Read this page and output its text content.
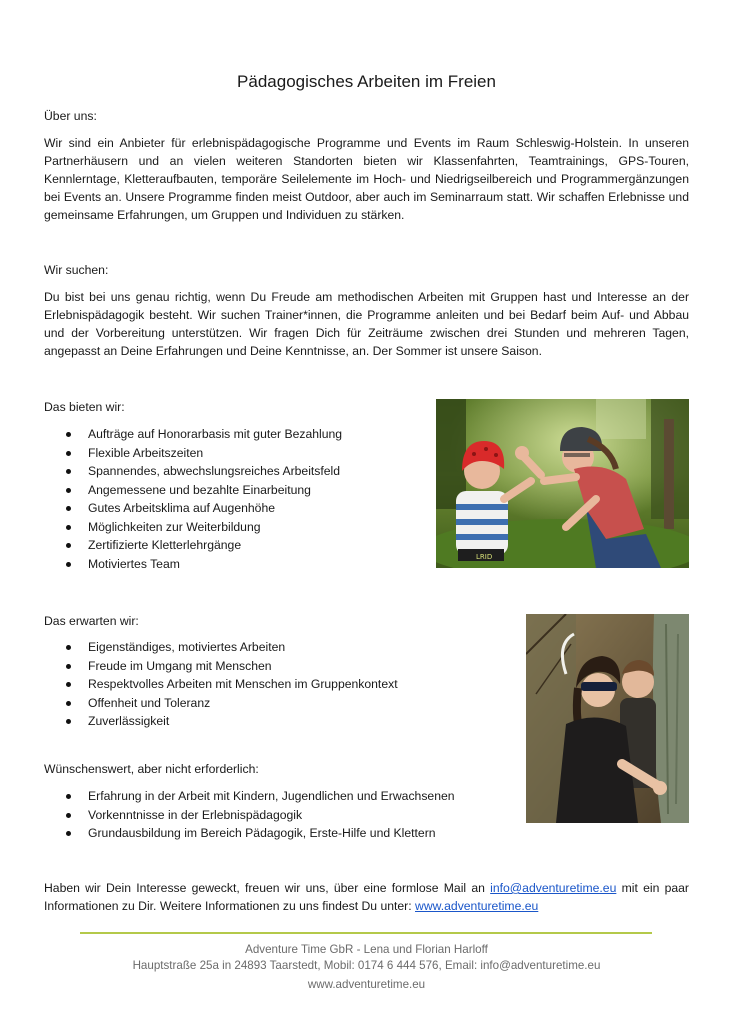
Pädagogisches Arbeiten im Freien
Über uns:
Wir sind ein Anbieter für erlebnispädagogische Programme und Events im Raum Schleswig-Holstein. In unseren Partnerhäusern und an vielen weiteren Standorten bieten wir Klassenfahrten, Teamtrainings, GPS-Touren, Kennlerntage, Kletteraufbauten, temporäre Seilelemente im Hoch- und Niedrigseilbereich und Programmergänzungen bei Events an. Unsere Programme finden meist Outdoor, aber auch im Seminarraum statt. Wir schaffen Erlebnisse und gemeinsame Erfahrungen, um Gruppen und Individuen zu stärken.
Wir suchen:
Du bist bei uns genau richtig, wenn Du Freude am methodischen Arbeiten mit Gruppen hast und Interesse an der Erlebnispädagogik besteht. Wir suchen Trainer*innen, die Programme anleiten und bei Bedarf beim Auf- und Abbau und der Vorbereitung unterstützen. Wir fragen Dich für Zeiträume zwischen drei Stunden und mehreren Tagen, angepasst an Deine Erfahrungen und Deine Kenntnisse, an. Der Sommer ist unsere Saison.
Das bieten wir:
Aufträge auf Honorarbasis mit guter Bezahlung
Flexible Arbeitszeiten
Spannendes, abwechslungsreiches Arbeitsfeld
Angemessene und bezahlte Einarbeitung
Gutes Arbeitsklima auf Augenhöhe
Möglichkeiten zur Weiterbildung
Zertifizierte Kletterlehrgänge
Motiviertes Team
Das erwarten wir:
Eigenständiges, motiviertes Arbeiten
Freude im Umgang mit Menschen
Respektvolles Arbeiten mit Menschen im Gruppenkontext
Offenheit und Toleranz
Zuverlässigkeit
Wünschenswert, aber nicht erforderlich:
Erfahrung in der Arbeit mit Kindern, Jugendlichen und Erwachsenen
Vorkenntnisse in der Erlebnispädagogik
Grundausbildung im Bereich Pädagogik, Erste-Hilfe und Klettern
Haben wir Dein Interesse geweckt, freuen wir uns, über eine formlose Mail an info@adventuretime.eu mit ein paar Informationen zu Dir. Weitere Informationen zu uns findest Du unter: www.adventuretime.eu
LRID
Adventure Time GbR - Lena und Florian Harloff
Hauptstraße 25a in 24893 Taarstedt, Mobil: 0174 6 444 576, Email: info@adventuretime.eu
www.adventuretime.eu
